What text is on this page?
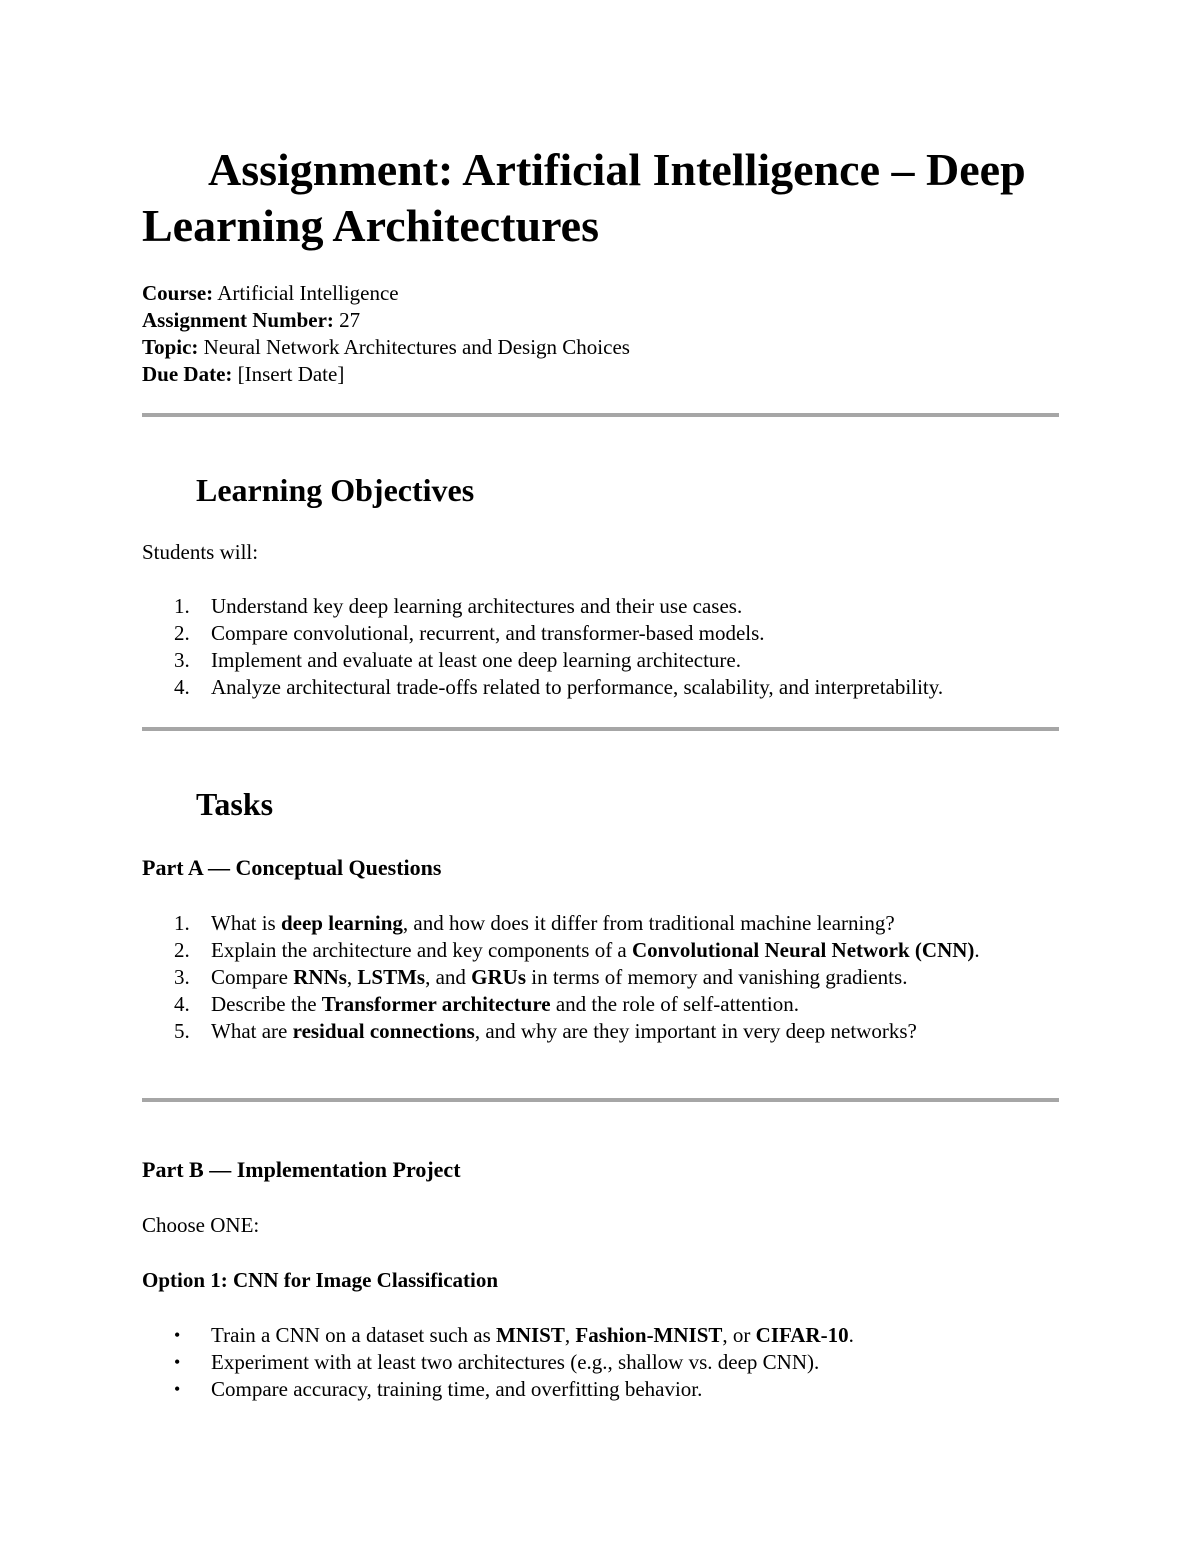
Assignment: Artificial Intelligence – Deep Learning Architectures
Course: Artificial Intelligence
Assignment Number: 27
Topic: Neural Network Architectures and Design Choices
Due Date: [Insert Date]
Learning Objectives

Students will:

1. Understand key deep learning architectures and their use cases.
2. Compare convolutional, recurrent, and transformer-based models.
3. Implement and evaluate at least one deep learning architecture.
4. Analyze architectural trade-offs related to performance, scalability, and interpretability.
Tasks
Part A — Conceptual Questions
1. What is deep learning, and how does it differ from traditional machine learning?
2. Explain the architecture and key components of a Convolutional Neural Network (CNN).
3. Compare RNNs, LSTMs, and GRUs in terms of memory and vanishing gradients.
4. Describe the Transformer architecture and the role of self-attention.
5. What are residual connections, and why are they important in very deep networks?
Part B — Implementation Project

Choose ONE:

Option 1: CNN for Image Classification
• Train a CNN on a dataset such as MNIST, Fashion-MNIST, or CIFAR-10.
• Experiment with at least two architectures (e.g., shallow vs. deep CNN).
• Compare accuracy, training time, and overfitting behavior.
